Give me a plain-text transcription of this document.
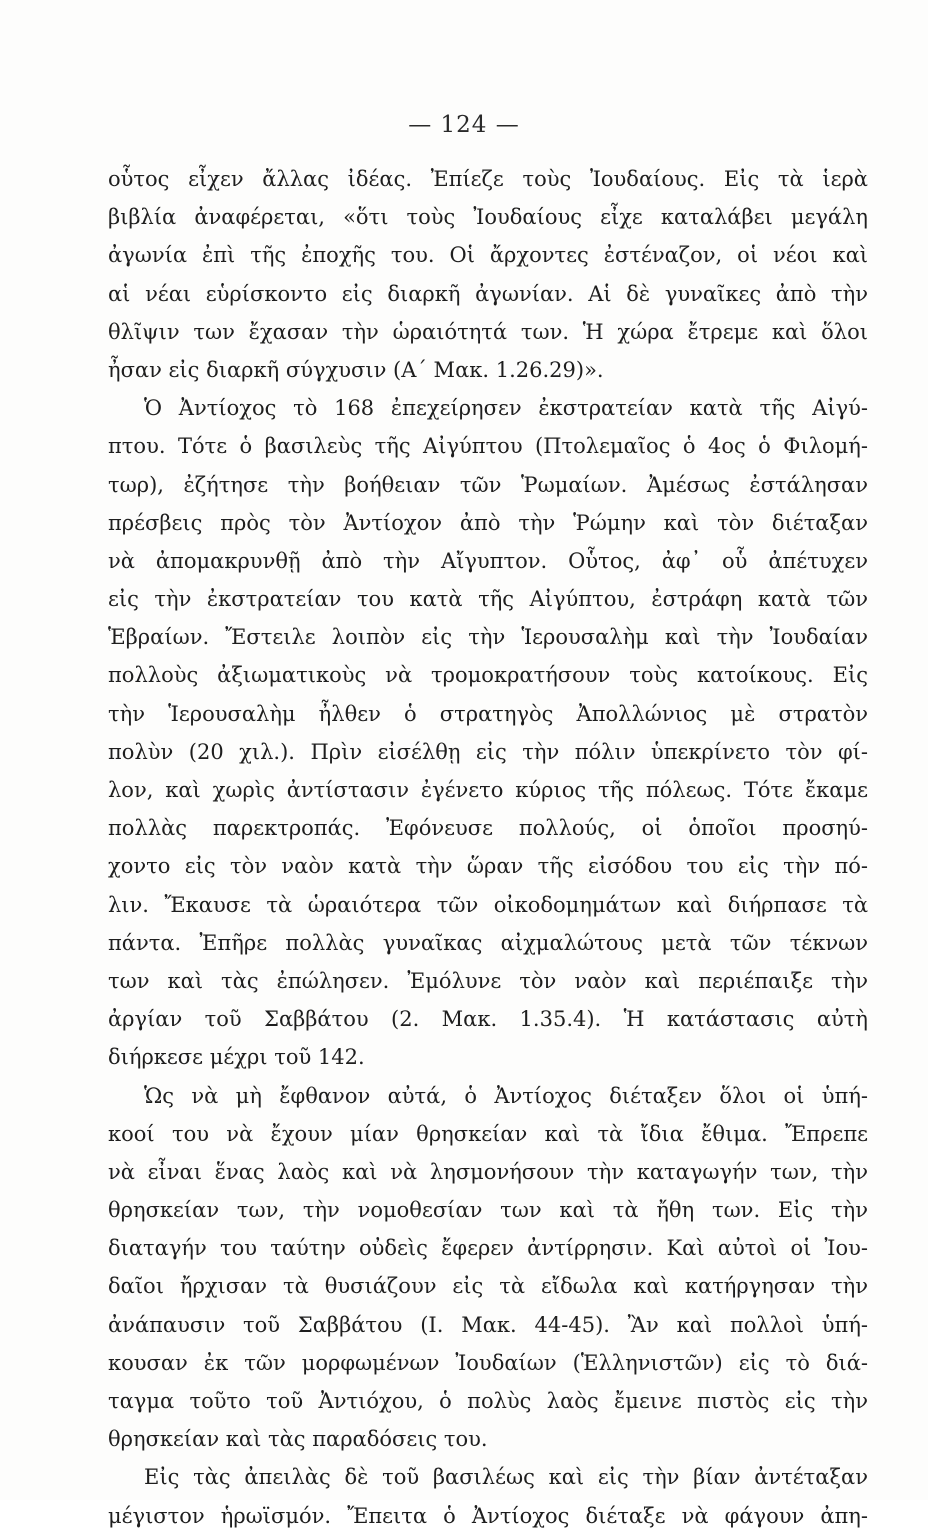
— 124 —
οὗτος εἶχεν ἄλλας ἰδέας. Ἐπίεζε τοὺς Ἰουδαίους. Εἰς τὰ ἱερὰ
βιβλία ἀναφέρεται, «ὅτι τοὺς Ἰουδαίους εἶχε καταλάβει μεγάλη
ἀγωνία ἐπὶ τῆς ἐποχῆς του. Οἱ ἄρχοντες ἐστέναζον, οἱ νέοι καὶ
αἱ νέαι εὑρίσκοντο εἰς διαρκῆ ἀγωνίαν. Αἱ δὲ γυναῖκες ἀπὸ τὴν
θλῖψιν των ἔχασαν τὴν ὡραιότητά των. Ἡ χώρα ἔτρεμε καὶ ὅλοι
ἦσαν εἰς διαρκῆ σύγχυσιν (Α΄ Μακ. 1.26.29)».
Ὁ Ἀντίοχος τὸ 168 ἐπεχείρησεν ἐκστρατείαν κατὰ τῆς Αἰγύ-
πτου. Τότε ὁ βασιλεὺς τῆς Αἰγύπτου (Πτολεμαῖος ὁ 4ος ὁ Φιλομή-
τωρ), ἐζήτησε τὴν βοήθειαν τῶν Ῥωμαίων. Ἀμέσως ἐστάλησαν
πρέσβεις πρὸς τὸν Ἀντίοχον ἀπὸ τὴν Ῥώμην καὶ τὸν διέταξαν
νὰ ἀπομακρυνθῇ ἀπὸ τὴν Αἴγυπτον. Οὗτος, ἀφ᾽ οὗ ἀπέτυχεν
εἰς τὴν ἐκστρατείαν του κατὰ τῆς Αἰγύπτου, ἐστράφη κατὰ τῶν
Ἑβραίων. Ἔστειλε λοιπὸν εἰς τὴν Ἱερουσαλὴμ καὶ τὴν Ἰουδαίαν
πολλοὺς ἀξιωματικοὺς νὰ τρομοκρατήσουν τοὺς κατοίκους. Εἰς
τὴν Ἱερουσαλὴμ ἦλθεν ὁ στρατηγὸς Ἀπολλώνιος μὲ στρατὸν
πολὺν (20 χιλ.). Πρὶν εἰσέλθῃ εἰς τὴν πόλιν ὑπεκρίνετο τὸν φί-
λον, καὶ χωρὶς ἀντίστασιν ἐγένετο κύριος τῆς πόλεως. Τότε ἔκαμε
πολλὰς παρεκτροπάς. Ἐφόνευσε πολλούς, οἱ ὁποῖοι προσηύ-
χοντο εἰς τὸν ναὸν κατὰ τὴν ὥραν τῆς εἰσόδου του εἰς τὴν πό-
λιν. Ἔκαυσε τὰ ὡραιότερα τῶν οἰκοδομημάτων καὶ διήρπασε τὰ
πάντα. Ἐπῆρε πολλὰς γυναῖκας αἰχμαλώτους μετὰ τῶν τέκνων
των καὶ τὰς ἐπώλησεν. Ἐμόλυνε τὸν ναὸν καὶ περιέπαιξε τὴν
ἀργίαν τοῦ Σαββάτου (2. Μακ. 1.35.4). Ἡ κατάστασις αὐτὴ
διήρκεσε μέχρι τοῦ 142.
Ὡς νὰ μὴ ἔφθανον αὐτά, ὁ Ἀντίοχος διέταξεν ὅλοι οἱ ὑπή-
κοοί του νὰ ἔχουν μίαν θρησκείαν καὶ τὰ ἴδια ἔθιμα. Ἔπρεπε
νὰ εἶναι ἕνας λαὸς καὶ νὰ λησμονήσουν τὴν καταγωγήν των, τὴν
θρησκείαν των, τὴν νομοθεσίαν των καὶ τὰ ἤθη των. Εἰς τὴν
διαταγήν του ταύτην οὐδεὶς ἔφερεν ἀντίρρησιν. Καὶ αὐτοὶ οἱ Ἰου-
δαῖοι ἤρχισαν τὰ θυσιάζουν εἰς τὰ εἴδωλα καὶ κατήργησαν τὴν
ἀνάπαυσιν τοῦ Σαββάτου (Ι. Μακ. 44-45). Ἂν καὶ πολλοὶ ὑπή-
κουσαν ἐκ τῶν μορφωμένων Ἰουδαίων (Ἑλληνιστῶν) εἰς τὸ διά-
ταγμα τοῦτο τοῦ Ἀντιόχου, ὁ πολὺς λαὸς ἔμεινε πιστὸς εἰς τὴν
θρησκείαν καὶ τὰς παραδόσεις του.
Εἰς τὰς ἀπειλὰς δὲ τοῦ βασιλέως καὶ εἰς τὴν βίαν ἀντέταξαν
μέγιστον ἡρωϊσμόν. Ἔπειτα ὁ Ἀντίοχος διέταξε νὰ φάγουν ἀπη-
